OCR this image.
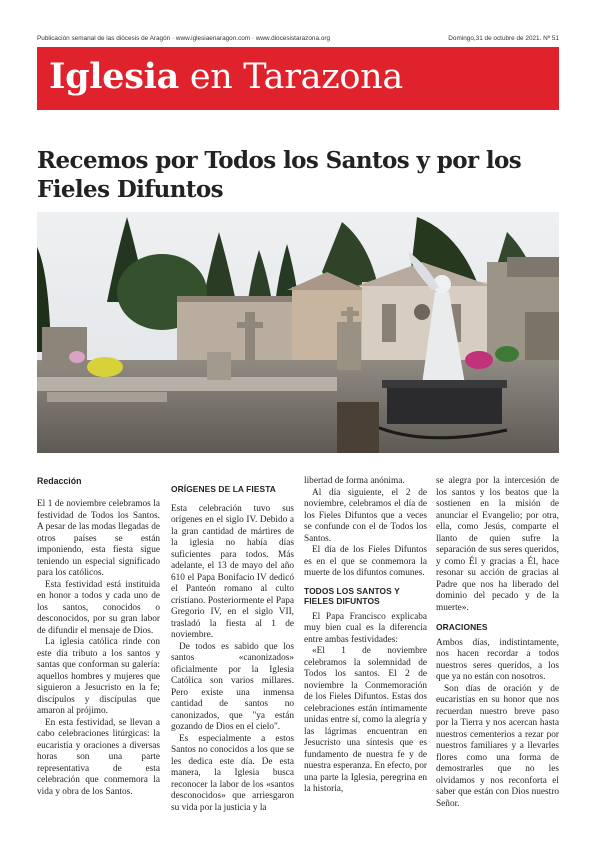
Publicación semanal de las diócesis de Aragón · www.iglesiaenaragon.com · www.diocesistarazona.org	Domingo,31 de octubre de 2021. Nº 51
Iglesia en Tarazona
Recemos por Todos los Santos y por los Fieles Difuntos
Redacción

El 1 de noviembre celebramos la festividad de Todos los Santos. A pesar de las modas llegadas de otros países se están imponiendo, esta fiesta sigue teniendo un especial significado para los católicos.

Esta festividad está instituida en honor a todos y cada uno de los santos, conocidos o desconocidos, por su gran labor de difundir el mensaje de Dios.

La iglesia católica rinde con este día tributo a los santos y santas que conforman su galería: aquellos hombres y mujeres que siguieron a Jesucristo en la fe; discípulos y discípulas que amaron al prójimo.

En esta festividad, se llevan a cabo celebraciones litúrgicas: la eucaristía y oraciones a diversas horas son una parte representativa de esta celebración que conmemora la vida y obra de los Santos.

ORÍGENES DE LA FIESTA

Esta celebración tuvo sus orígenes en el siglo IV. Debido a la gran cantidad de mártires de la iglesia no había días suficientes para todos. Más adelante, el 13 de mayo del año 610 el Papa Bonifacio IV dedicó el Panteón romano al culto cristiano. Posteriormente el Papa Gregorio IV, en el siglo VII, trasladó la fiesta al 1 de noviembre.

De todos es sabido que los santos «canonizados» oficialmente por la Iglesia Católica son varios millares. Pero existe una inmensa cantidad de santos no canonizados, que "ya están gozando de Dios en el cielo".

Es especialmente a estos Santos no conocidos a los que se les dedica este día. De esta manera, la Iglesia busca reconocer la labor de los «santos desconocidos» que arriesgaron su vida por la justicia y la

libertad de forma anónima.

Al día siguiente, el 2 de noviembre, celebramos el día de los Fieles Difuntos que a veces se confunde con el de Todos los Santos.

El día de los Fieles Difuntos es en el que se conmemora la muerte de los difuntos comunes.

TODOS LOS SANTOS Y FIELES DIFUNTOS

El Papa Francisco explicaba muy bien cual es la diferencia entre ambas festividades:

«El 1 de noviembre celebramos la solemnidad de Todos los santos. El 2 de noviembre la Conmemoración de los Fieles Difuntos. Estas dos celebraciones están íntimamente unidas entre sí, como la alegría y las lágrimas encuentran en Jesucristo una síntesis que es fundamento de nuestra fe y de nuestra esperanza. En efecto, por una parte la Iglesia, peregrina en la historia,

se alegra por la intercesión de los santos y los beatos que la sostienen en la misión de anunciar el Evangelio; por otra, ella, como Jesús, comparte el llanto de quien sufre la separación de sus seres queridos, y como Él y gracias a Él, hace resonar su acción de gracias al Padre que nos ha liberado del dominio del pecado y de la muerte».

ORACIONES

Ambos días, indistintamente, nos hacen recordar a todos nuestros seres queridos, a los que ya no están con nosotros.

Son días de oración y de eucaristías en su honor que nos recuerdan nuestro breve paso por la Tierra y nos acercan hasta nuestros cementerios a rezar por nuestros familiares y a llevarles flores como una forma de demostrarles que no les olvidamos y nos reconforta el saber que están con Dios nuestro Señor.
